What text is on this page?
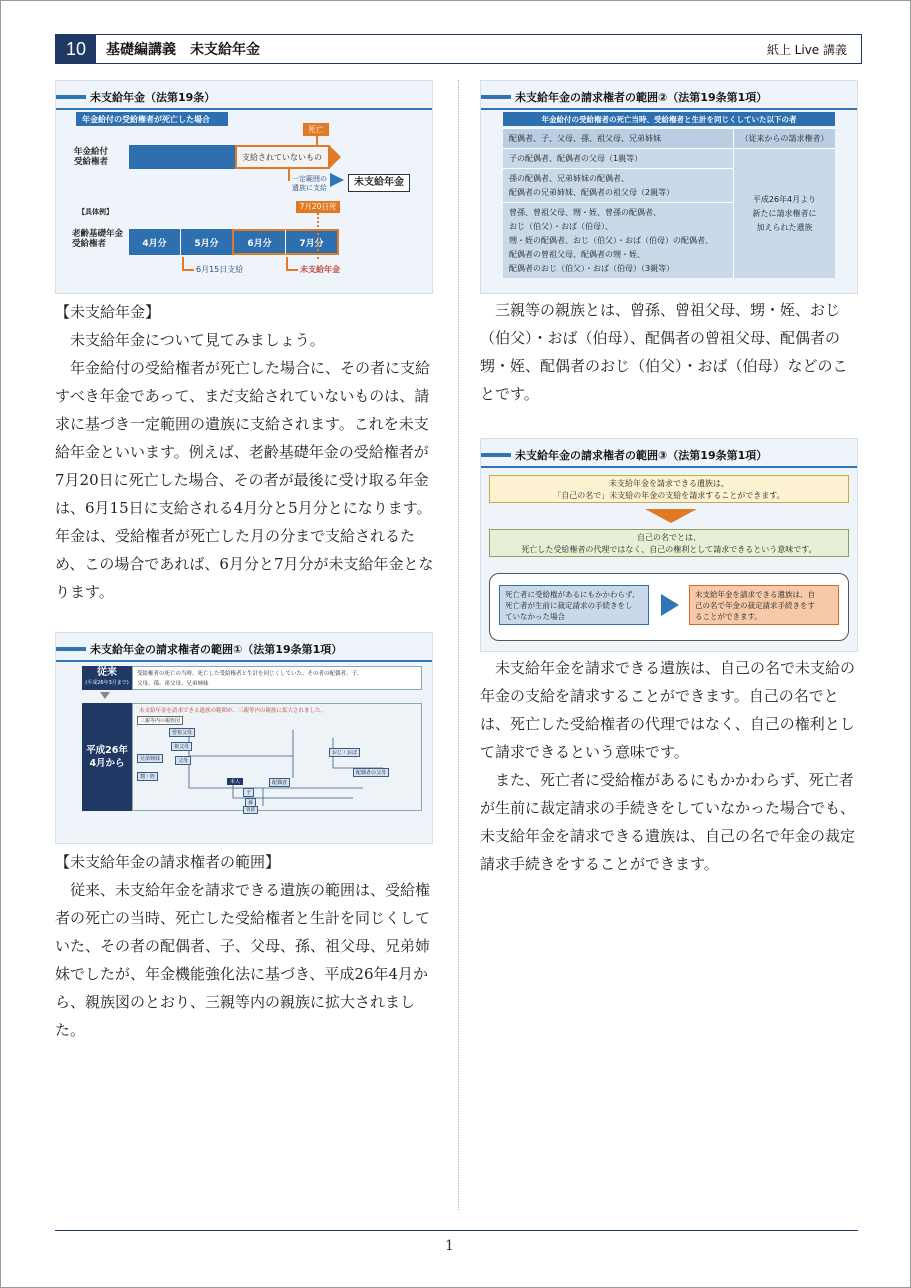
10	基礎編講義　未支給年金	紙上 Live 講義
未支給年金（法第19条）
年金給付の受給権者が死亡した場合
死亡
年金給付
受給権者	支給されていないもの
一定範囲の
遺族に支給	未支給年金
【具体例】
7月20日死亡
老齢基礎年金
受給権者	4月分	5月分	6月分	7月分
6月15日支給	未支給年金

【未支給年金】

未支給年金について見てみましょう。

年金給付の受給権者が死亡した場合に、その者に支給すべき年金であって、まだ支給されていないものは、請求に基づき一定範囲の遺族に支給されます。これを未支給年金といいます。例えば、老齢基礎年金の受給権者が7月20日に死亡した場合、その者が最後に受け取る年金は、6月15日に支給される4月分と5月分とになります。年金は、受給権者が死亡した月の分まで支給されるため、この場合であれば、6月分と7月分が未支給年金となります。

未支給年金の請求権者の範囲①（法第19条第1項）
従来
(平成26年3月まで)
受給権者の死亡の当時、死亡した受給権者と生計を同じくしていた、その者の配偶者、子、
父母、孫、祖父母、兄弟姉妹
平成26年
4月から
未支給年金を請求できる遺族の範囲が、三親等内の親族に拡大されました。
三親等内の親族図
曾祖父母
祖父母
父母
本人	配偶者
子
孫
曾孫
兄弟姉妹
甥・姪
おじ・おば
配偶者の父母

【未支給年金の請求権者の範囲】

従来、未支給年金を請求できる遺族の範囲は、受給権者の死亡の当時、死亡した受給権者と生計を同じくしていた、その者の配偶者、子、父母、孫、祖父母、兄弟姉妹でしたが、年金機能強化法に基づき、平成26年4月から、親族図のとおり、三親等内の親族に拡大されました。

未支給年金の請求権者の範囲②（法第19条第1項）
年金給付の受給権者の死亡当時、受給権者と生計を同じくしていた以下の者
配偶者、子、父母、孫、祖父母、兄弟姉妹	（従来からの請求権者）
子の配偶者、配偶者の父母（1親等）
孫の配偶者、兄弟姉妹の配偶者、
配偶者の兄弟姉妹、配偶者の祖父母（2親等）
曾孫、曾祖父母、甥・姪、曾孫の配偶者、
おじ（伯父）・おば（伯母）、
甥・姪の配偶者、おじ（伯父）・おば（伯母）の配偶者、
配偶者の曾祖父母、配偶者の甥・姪、
配偶者のおじ（伯父）・おば（伯母）（3親等）
平成26年4月より
新たに請求権者に
加えられた遺族

三親等の親族とは、曾孫、曾祖父母、甥・姪、おじ（伯父）・おば（伯母）、配偶者の曾祖父母、配偶者の甥・姪、配偶者のおじ（伯父）・おば（伯母）などのことです。

未支給年金の請求権者の範囲③（法第19条第1項）
未支給年金を請求できる遺族は、
「自己の名で」未支給の年金の支給を請求することができます。
自己の名でとは、
死亡した受給権者の代理ではなく、自己の権利として請求できるという意味です。
死亡者に受給権があるにもかかわらず、
死亡者が生前に裁定請求の手続きをし
ていなかった場合
未支給年金を請求できる遺族は、自
己の名で年金の裁定請求手続きをす
ることができます。

未支給年金を請求できる遺族は、自己の名で未支給の年金の支給を請求することができます。自己の名でとは、死亡した受給権者の代理ではなく、自己の権利として請求できるという意味です。

また、死亡者に受給権があるにもかかわらず、死亡者が生前に裁定請求の手続きをしていなかった場合でも、未支給年金を請求できる遺族は、自己の名で年金の裁定請求手続きをすることができます。

1
